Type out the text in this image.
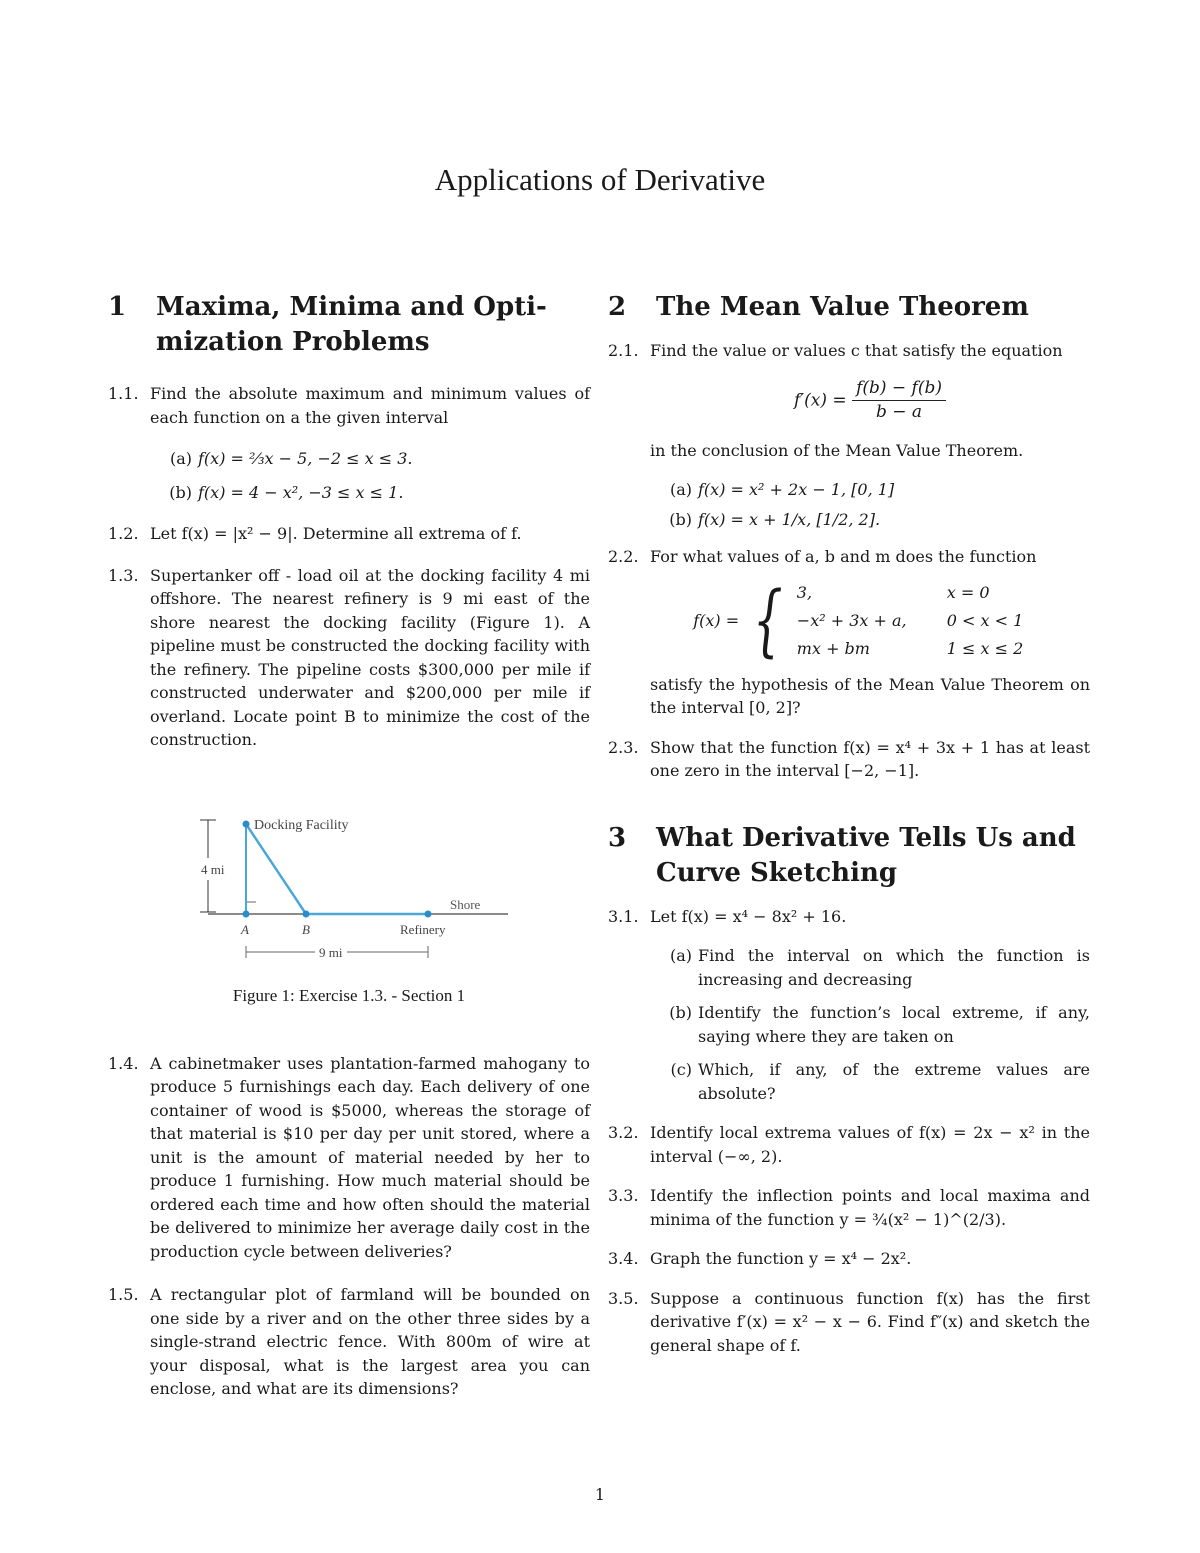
Applications of Derivative
1	Maxima, Minima and Opti-
mization Problems
1.1. Find the absolute maximum and minimum values of each function on a the given interval
(a) f(x) = ⅔x − 5, −2 ≤ x ≤ 3.
(b) f(x) = 4 − x², −3 ≤ x ≤ 1.
1.2. Let f(x) = |x² − 9|. Determine all extrema of f.
1.3. Supertanker off - load oil at the docking facility 4 mi offshore. The nearest refinery is 9 mi east of the shore nearest the docking facility (Figure 1). A pipeline must be constructed the docking facility with the refinery. The pipeline costs $300,000 per mile if constructed underwater and $200,000 per mile if overland. Locate point B to minimize the cost of the construction.
4 mi
Docking Facility
Shore
A	B	Refinery
9 mi
Figure 1: Exercise 1.3. - Section 1
1.4. A cabinetmaker uses plantation-farmed mahogany to produce 5 furnishings each day. Each delivery of one container of wood is $5000, whereas the storage of that material is $10 per day per unit stored, where a unit is the amount of material needed by her to produce 1 furnishing. How much material should be ordered each time and how often should the material be delivered to minimize her average daily cost in the production cycle between deliveries?
1.5. A rectangular plot of farmland will be bounded on one side by a river and on the other three sides by a single-strand electric fence. With 800m of wire at your disposal, what is the largest area you can enclose, and what are its dimensions?
2	The Mean Value Theorem
2.1. Find the value or values c that satisfy the equation
$f'(x) = \frac{f(b) - f(b)}{b - a}$
in the conclusion of the Mean Value Theorem.
(a) f(x) = x² + 2x − 1, [0, 1]
(b) f(x) = x + 1/x, [1/2, 2].
2.2. For what values of a, b and m does the function
f(x) = { 3,	x = 0
−x² + 3x + a,	0 < x < 1
mx + bm	1 ≤ x ≤ 2
satisfy the hypothesis of the Mean Value Theorem on the interval [0, 2]?
2.3. Show that the function f(x) = x⁴ + 3x + 1 has at least one zero in the interval [−2, −1].
3	What Derivative Tells Us and
Curve Sketching
3.1. Let f(x) = x⁴ − 8x² + 16.
(a) Find the interval on which the function is increasing and decreasing
(b) Identify the function’s local extreme, if any, saying where they are taken on
(c) Which, if any, of the extreme values are absolute?
3.2. Identify local extrema values of f(x) = 2x − x² in the interval (−∞, 2).
3.3. Identify the inflection points and local maxima and minima of the function y = ¾(x² − 1)^(2/3).
3.4. Graph the function y = x⁴ − 2x².
3.5. Suppose a continuous function f(x) has the first derivative f′(x) = x² − x − 6. Find f″(x) and sketch the general shape of f.
1
